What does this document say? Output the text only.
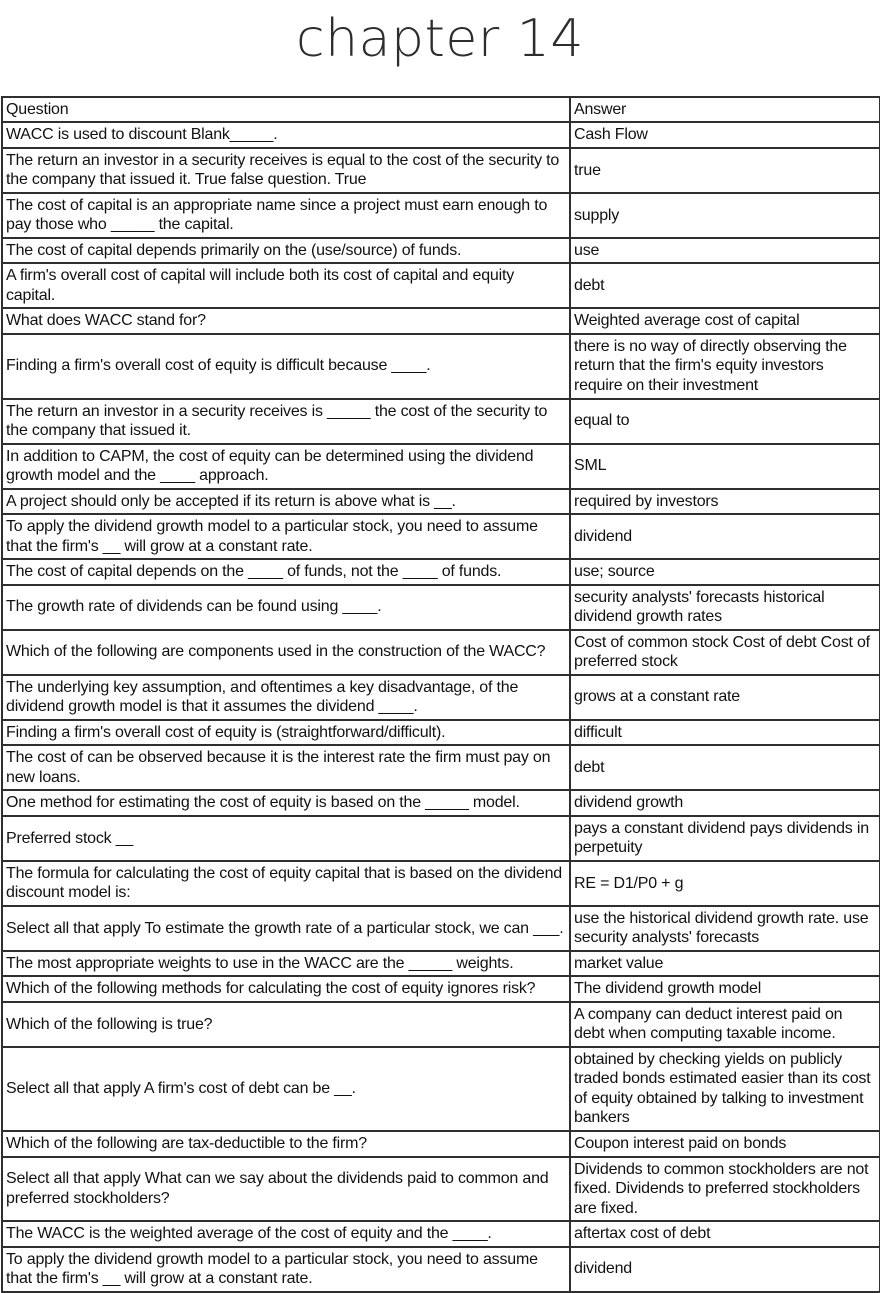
chapter 14
Question	Answer
WACC is used to discount Blank_____.	Cash Flow
The return an investor in a security receives is equal to the cost of the security to the company that issued it. True false question. True	true
The cost of capital is an appropriate name since a project must earn enough to pay those who _____ the capital.	supply
The cost of capital depends primarily on the (use/source) of funds.	use
A firm's overall cost of capital will include both its cost of capital and equity capital.	debt
What does WACC stand for?	Weighted average cost of capital
Finding a firm's overall cost of equity is difficult because ____.	there is no way of directly observing the return that the firm's equity investors require on their investment
The return an investor in a security receives is _____ the cost of the security to the company that issued it.	equal to
In addition to CAPM, the cost of equity can be determined using the dividend growth model and the ____ approach.	SML
A project should only be accepted if its return is above what is __.	required by investors
To apply the dividend growth model to a particular stock, you need to assume that the firm's __ will grow at a constant rate.	dividend
The cost of capital depends on the ____ of funds, not the ____ of funds.	use; source
The growth rate of dividends can be found using ____.	security analysts' forecasts historical dividend growth rates
Which of the following are components used in the construction of the WACC?	Cost of common stock Cost of debt Cost of preferred stock
The underlying key assumption, and oftentimes a key disadvantage, of the dividend growth model is that it assumes the dividend ____.	grows at a constant rate
Finding a firm's overall cost of equity is (straightforward/difficult).	difficult
The cost of can be observed because it is the interest rate the firm must pay on new loans.	debt
One method for estimating the cost of equity is based on the _____ model.	dividend growth
Preferred stock __	pays a constant dividend pays dividends in perpetuity
The formula for calculating the cost of equity capital that is based on the dividend discount model is:	RE = D1/P0 + g
Select all that apply To estimate the growth rate of a particular stock, we can ___.	use the historical dividend growth rate. use security analysts' forecasts
The most appropriate weights to use in the WACC are the _____ weights.	market value
Which of the following methods for calculating the cost of equity ignores risk?	The dividend growth model
Which of the following is true?	A company can deduct interest paid on debt when computing taxable income.
Select all that apply A firm's cost of debt can be __.	obtained by checking yields on publicly traded bonds estimated easier than its cost of equity obtained by talking to investment bankers
Which of the following are tax-deductible to the firm?	Coupon interest paid on bonds
Select all that apply What can we say about the dividends paid to common and preferred stockholders?	Dividends to common stockholders are not fixed. Dividends to preferred stockholders are fixed.
The WACC is the weighted average of the cost of equity and the ____.	aftertax cost of debt
To apply the dividend growth model to a particular stock, you need to assume that the firm's __ will grow at a constant rate.	dividend
